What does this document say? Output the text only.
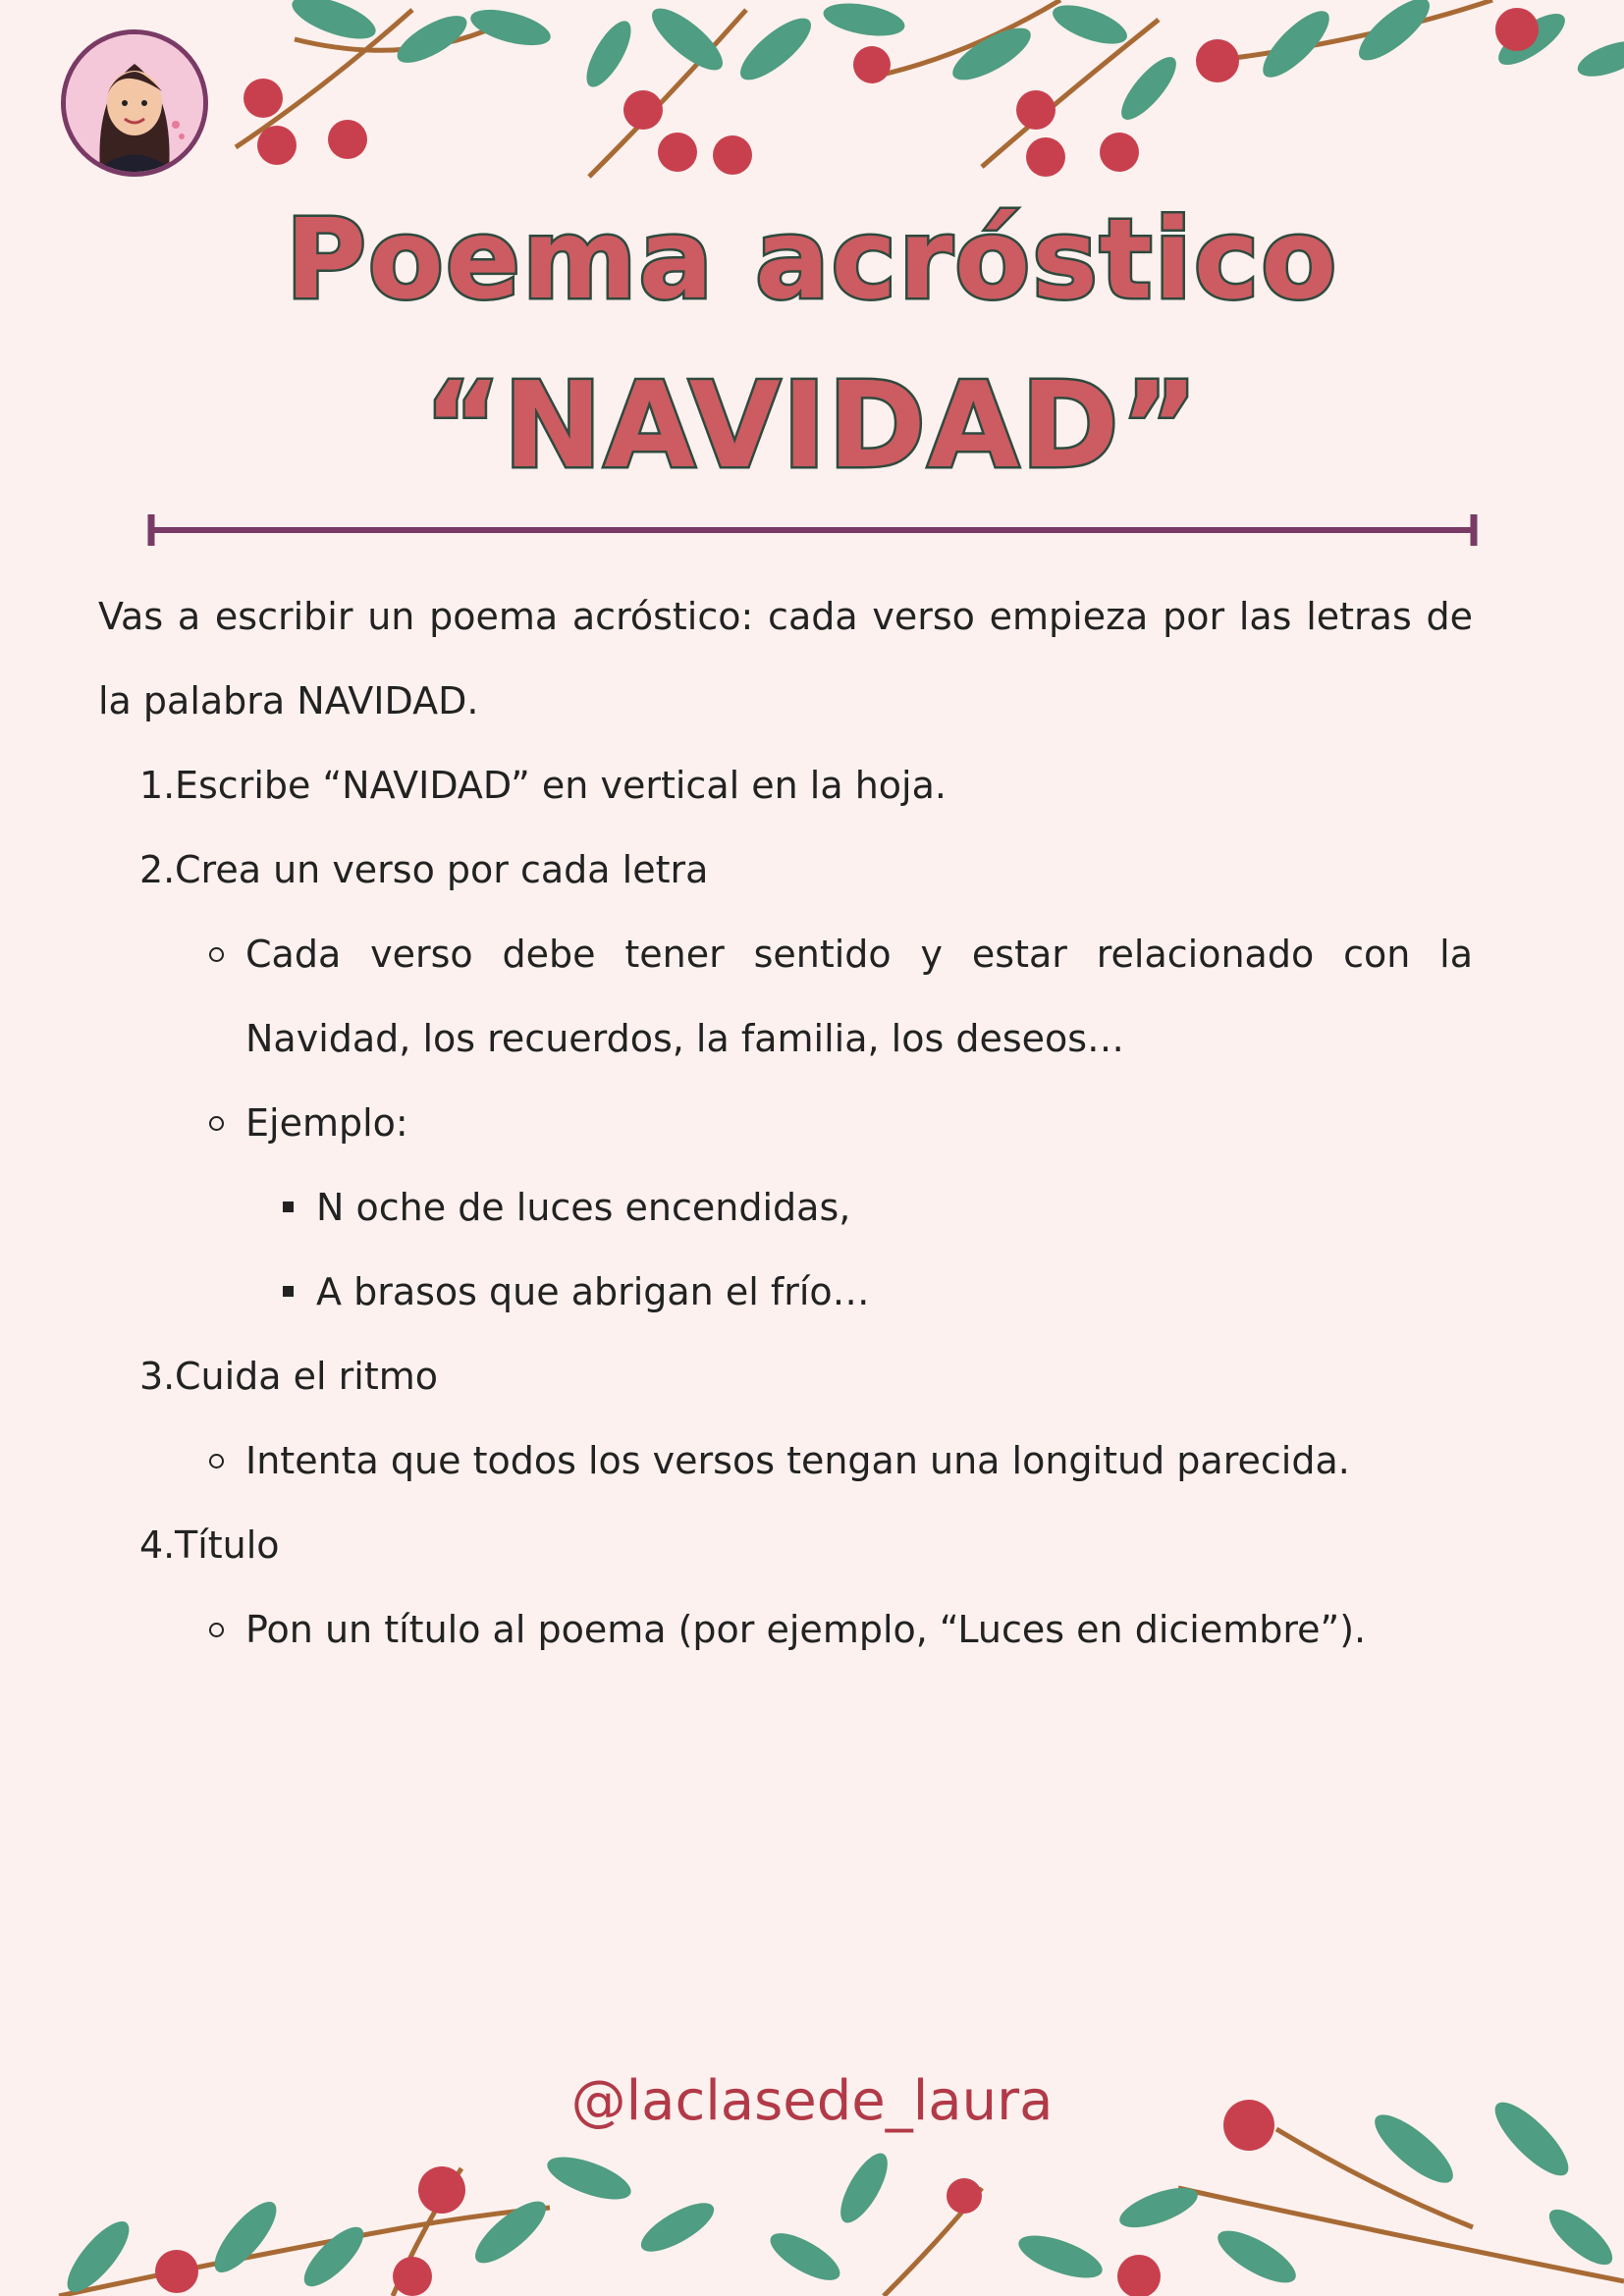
Poema acróstico
“NAVIDAD”

Vas a escribir un poema acróstico: cada verso empieza por las letras de la palabra NAVIDAD.

1. Escribe “NAVIDAD” en vertical en la hoja.

2. Crea un verso por cada letra

Cada verso debe tener sentido y estar relacionado con la Navidad, los recuerdos, la familia, los deseos…

Ejemplo:

N oche de luces encendidas,

A brasos que abrigan el frío…

3. Cuida el ritmo

Intenta que todos los versos tengan una longitud parecida.

4. Título

Pon un título al poema (por ejemplo, “Luces en diciembre”).

@laclasede_laura
